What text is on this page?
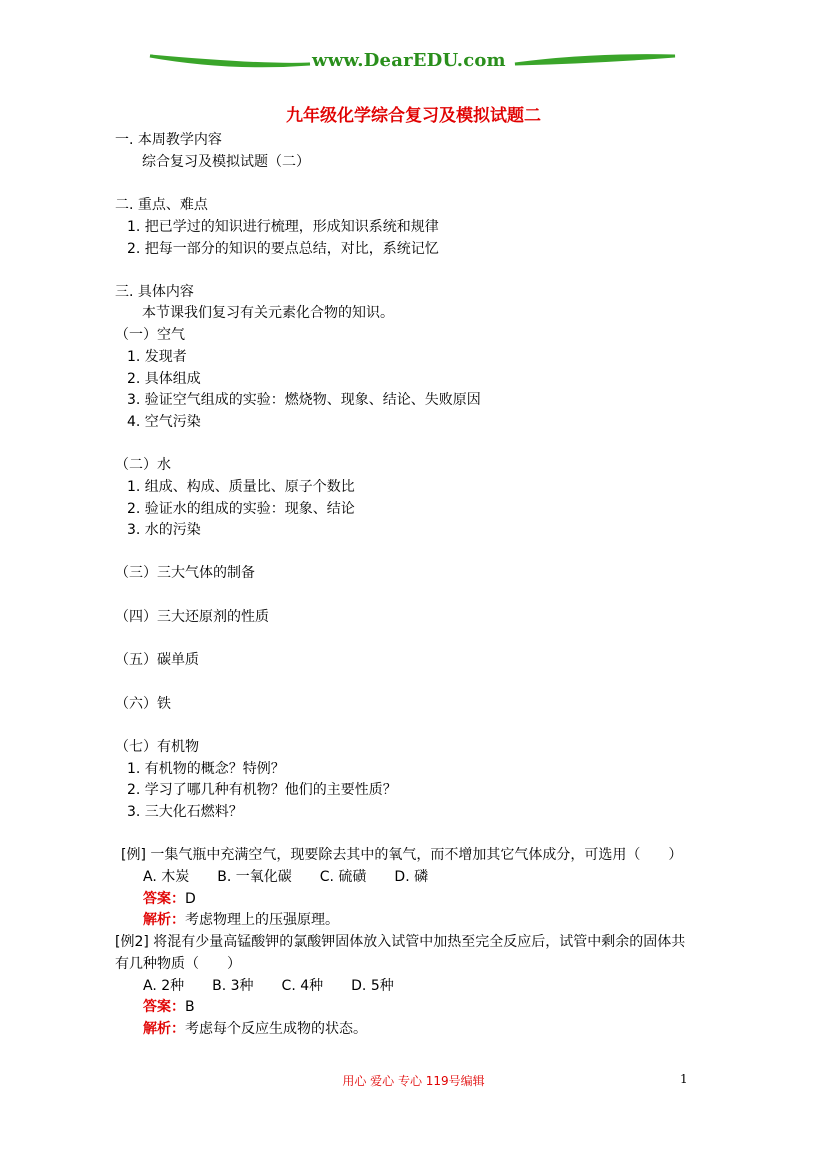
www.DearEDU.com
九年级化学综合复习及模拟试题二
一. 本周教学内容
综合复习及模拟试题（二）
二. 重点、难点
1. 把已学过的知识进行梳理，形成知识系统和规律
2. 把每一部分的知识的要点总结，对比，系统记忆
三. 具体内容
本节课我们复习有关元素化合物的知识。
（一）空气
1. 发现者
2. 具体组成
3. 验证空气组成的实验：燃烧物、现象、结论、失败原因
4. 空气污染
（二）水
1. 组成、构成、质量比、原子个数比
2. 验证水的组成的实验：现象、结论
3. 水的污染
（三）三大气体的制备
（四）三大还原剂的性质
（五）碳单质
（六）铁
（七）有机物
1. 有机物的概念？特例？
2. 学习了哪几种有机物？他们的主要性质？
3. 三大化石燃料？
[例] 一集气瓶中充满空气，现要除去其中的氧气，而不增加其它气体成分，可选用（　　）
A. 木炭　　B. 一氧化碳　　C. 硫磺　　D. 磷
答案：D
解析：考虑物理上的压强原理。
[例2] 将混有少量高锰酸钾的氯酸钾固体放入试管中加热至完全反应后，试管中剩余的固体共
有几种物质（　　）
A. 2种　　B. 3种　　C. 4种　　D. 5种
答案：B
解析：考虑每个反应生成物的状态。
用心 爱心 专心 119号编辑	1
